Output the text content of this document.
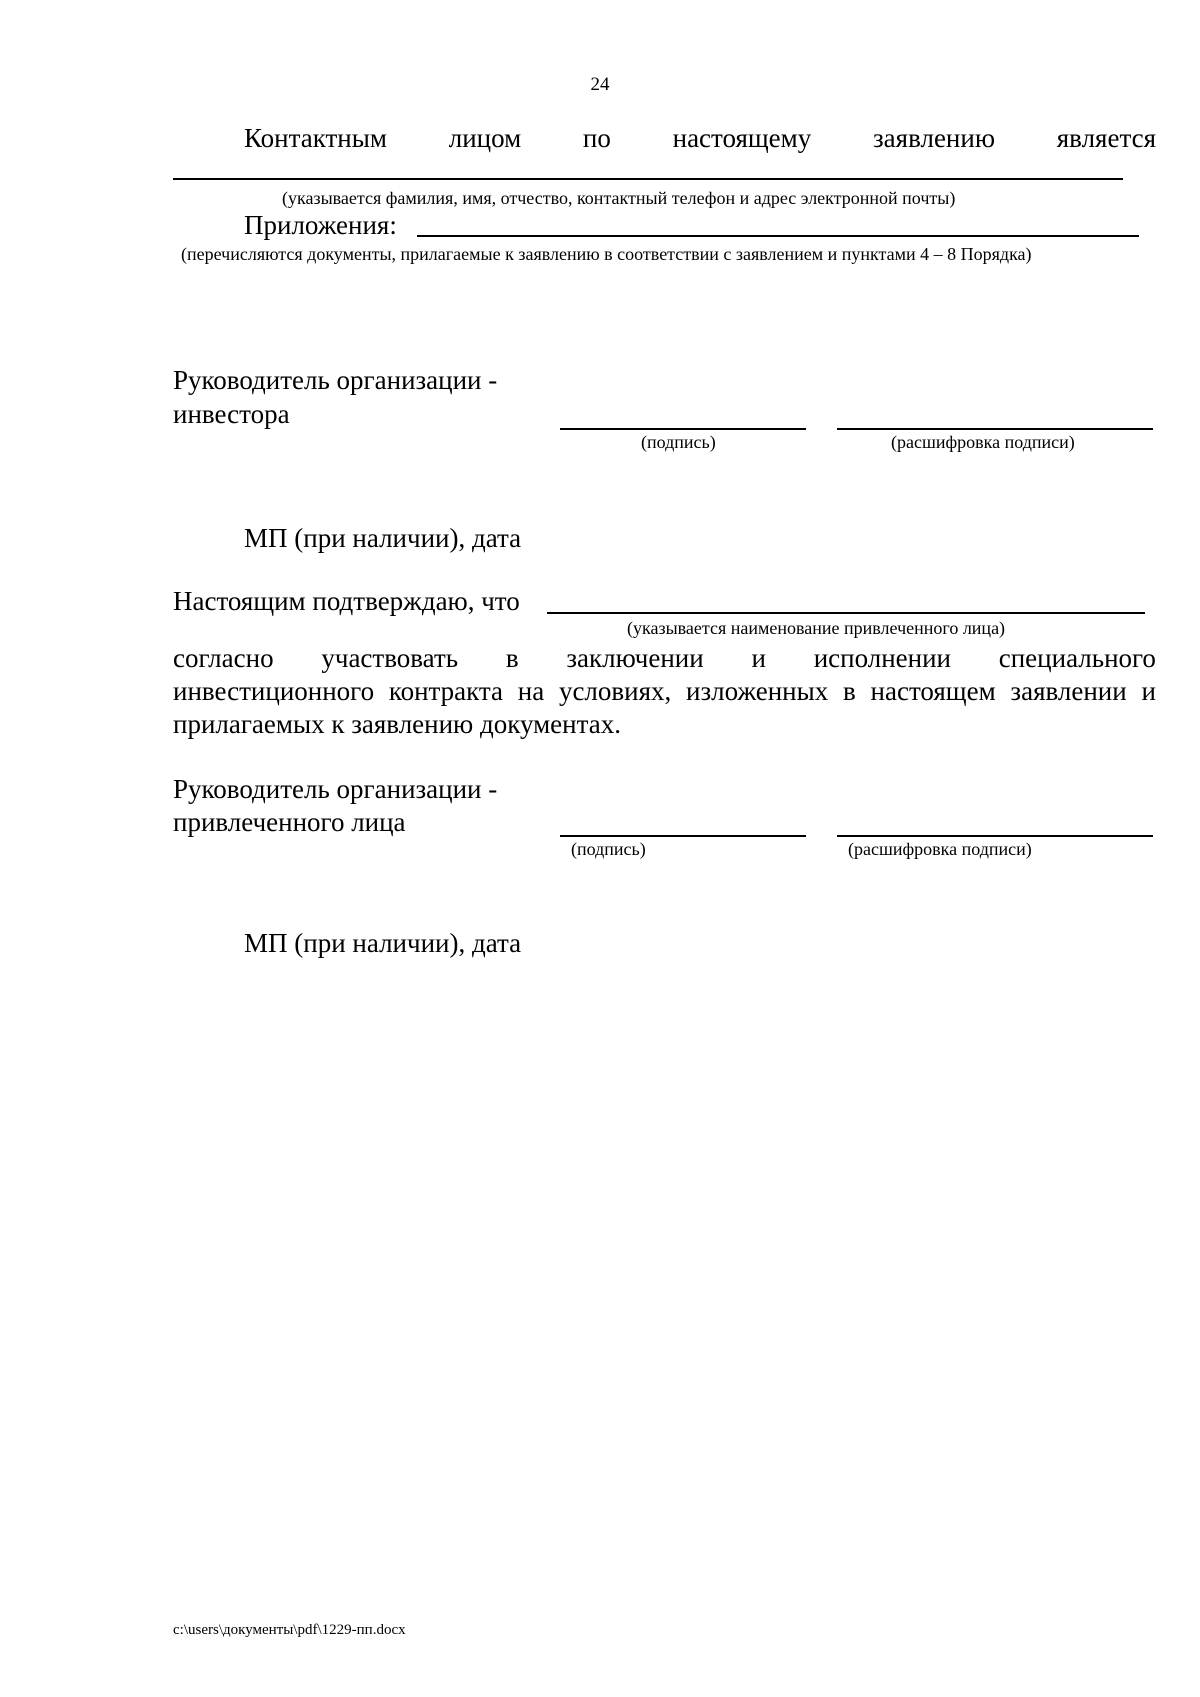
24
Контактным лицом по настоящему заявлению является
(указывается фамилия, имя, отчество, контактный телефон и адрес электронной почты)
Приложения:
(перечисляются документы, прилагаемые к заявлению в соответствии с заявлением и пунктами 4 – 8 Порядка)
Руководитель организации -
инвестора
(подпись)	(расшифровка подписи)
МП (при наличии), дата
Настоящим подтверждаю, что
(указывается наименование привлеченного лица)
согласно участвовать в заключении и исполнении специального
инвестиционного контракта на условиях, изложенных в настоящем заявлении и
прилагаемых к заявлению документах.
Руководитель организации -
привлеченного лица
(подпись)	(расшифровка подписи)
МП (при наличии), дата
c:\users\документы\pdf\1229-пп.docx
